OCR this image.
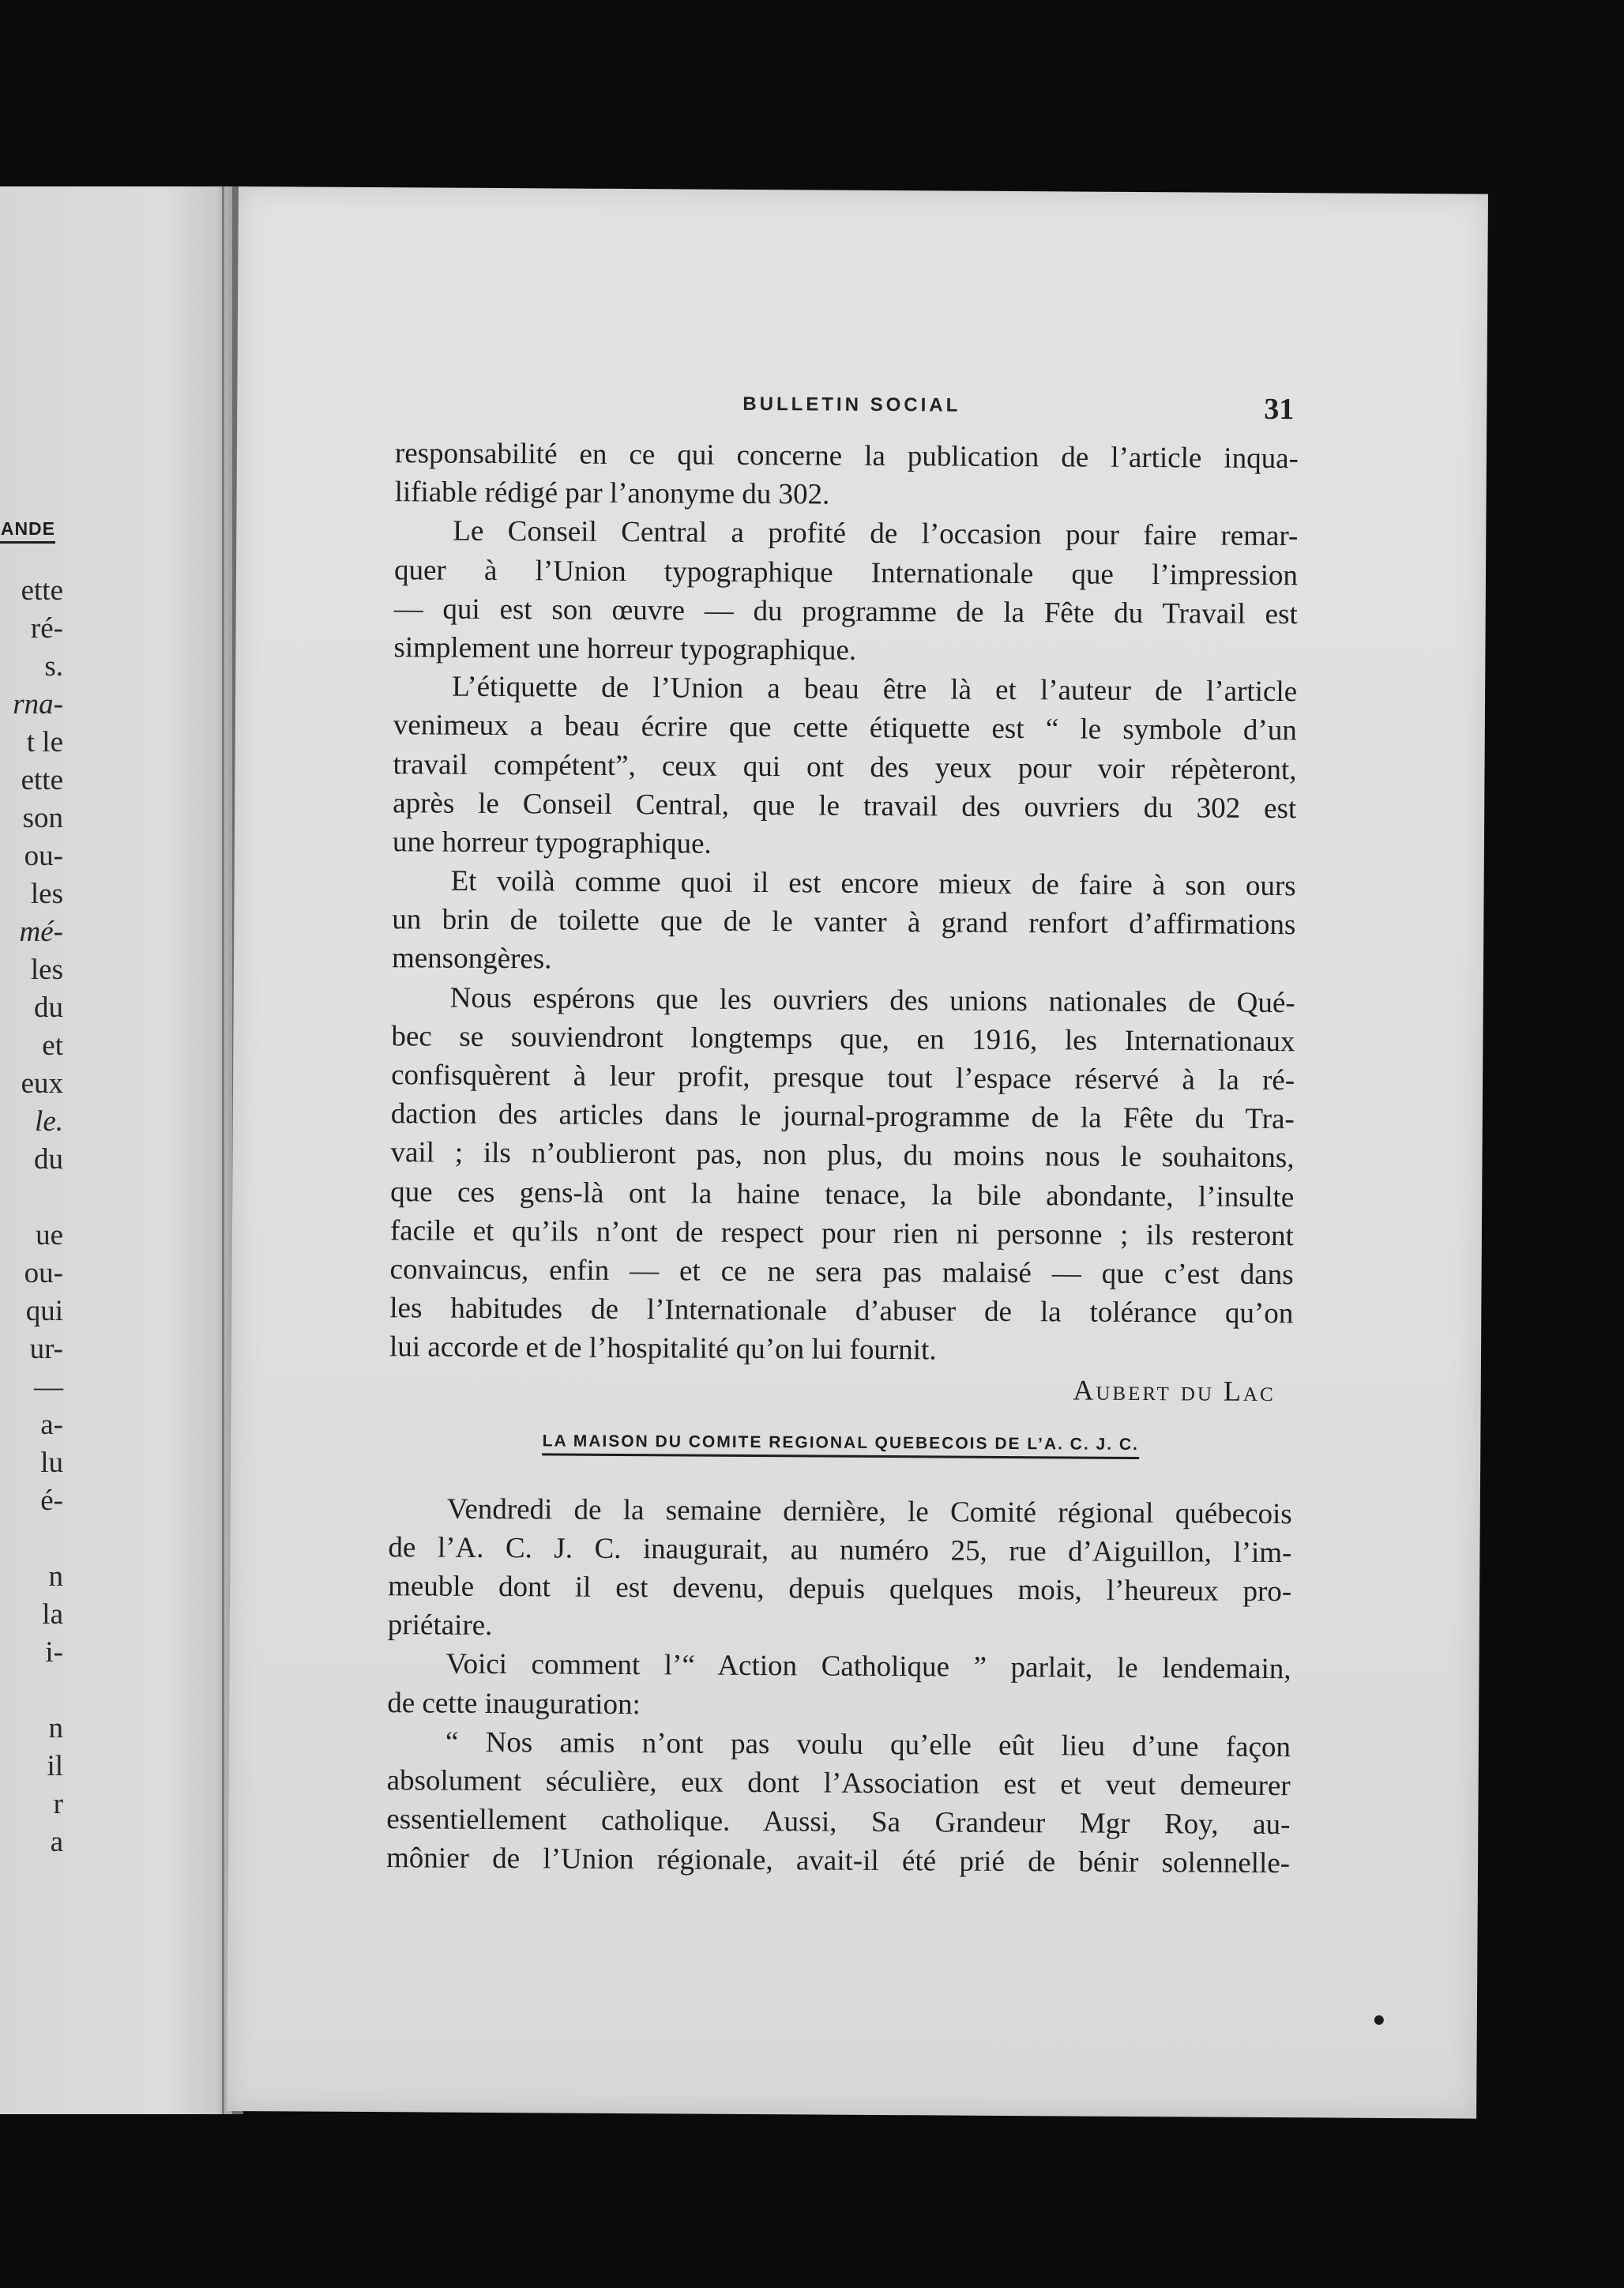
ANDE
ette
ré-
s.
rna-
t le
ette
son
ou-
les
mé-
les
du
et
eux
le.
du
ue
ou-
qui
ur-
—
a-
lu
é-
n
la
i-
n
il
r
a
BULLETIN SOCIAL	31
responsabilité en ce qui concerne la publication de l’article inqua-
lifiable rédigé par l’anonyme du 302.
Le Conseil Central a profité de l’occasion pour faire remar-
quer à l’Union typographique Internationale que l’impression
— qui est son œuvre — du programme de la Fête du Travail est
simplement une horreur typographique.
L’étiquette de l’Union a beau être là et l’auteur de l’article
venimeux a beau écrire que cette étiquette est “ le symbole d’un
travail compétent”, ceux qui ont des yeux pour voir répèteront,
après le Conseil Central, que le travail des ouvriers du 302 est
une horreur typographique.
Et voilà comme quoi il est encore mieux de faire à son ours
un brin de toilette que de le vanter à grand renfort d’affirmations
mensongères.
Nous espérons que les ouvriers des unions nationales de Qué-
bec se souviendront longtemps que, en 1916, les Internationaux
confisquèrent à leur profit, presque tout l’espace réservé à la ré-
daction des articles dans le journal-programme de la Fête du Tra-
vail ; ils n’oublieront pas, non plus, du moins nous le souhaitons,
que ces gens-là ont la haine tenace, la bile abondante, l’insulte
facile et qu’ils n’ont de respect pour rien ni personne ; ils resteront
convaincus, enfin — et ce ne sera pas malaisé — que c’est dans
les habitudes de l’Internationale d’abuser de la tolérance qu’on
lui accorde et de l’hospitalité qu’on lui fournit.
Aubert du Lac
LA MAISON DU COMITE REGIONAL QUEBECOIS DE L’A. C. J. C.
Vendredi de la semaine dernière, le Comité régional québecois
de l’A. C. J. C. inaugurait, au numéro 25, rue d’Aiguillon, l’im-
meuble dont il est devenu, depuis quelques mois, l’heureux pro-
priétaire.
Voici comment l’“ Action Catholique ” parlait, le lendemain,
de cette inauguration:
“ Nos amis n’ont pas voulu qu’elle eût lieu d’une façon
absolument séculière, eux dont l’Association est et veut demeurer
essentiellement catholique. Aussi, Sa Grandeur Mgr Roy, au-
mônier de l’Union régionale, avait-il été prié de bénir solennelle-
